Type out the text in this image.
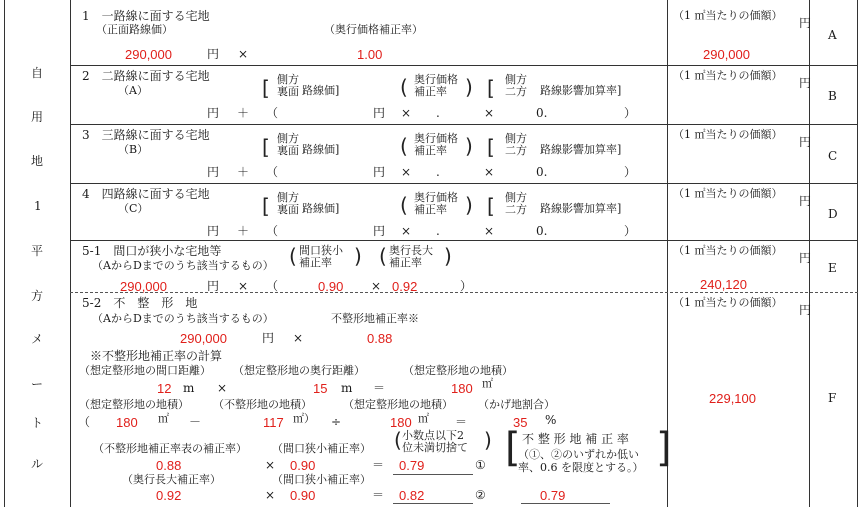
自
用
地
1
平
方
メ
ー
ト
ル
1　一路線に面する宅地
（正面路線価）	（奥行価格補正率）
290,000	円 ×	1.00
（1 ㎡当たりの価額）
円
290,000
A
2　二路線に面する宅地
（A）	[ 側方
裏面 路線価]	( 奥行価格
補正率 ) [ 側方
二方 路線影響加算率]
（1 ㎡当たりの価額）
円
円 ＋ （	円 × .	×	0.	）
B
3　三路線に面する宅地
（B）	[ 側方
裏面 路線価]	( 奥行価格
補正率 ) [ 側方
二方 路線影響加算率]
（1 ㎡当たりの価額）
円
円 ＋ （	円 × .	×	0.	）
C
4　四路線に面する宅地
（C）	[ 側方
裏面 路線価]	( 奥行価格
補正率 ) [ 側方
二方 路線影響加算率]
（1 ㎡当たりの価額）
円
円 ＋ （	円 × .	×	0.	）
D
5-1　間口が狭小な宅地等
（AからDまでのうち該当するもの） ( 間口狭小
補正率	) ( 奥行長大
補正率	)
290,000	円 × （	0.90 × 0.92	）
（1 ㎡当たりの価額）
円
240,120
E
5-2　不　整　形　地
（AからDまでのうち該当するもの）	不整形地補正率※
290,000	円 ×	0.88
※不整形地補正率の計算
（想定整形地の間口距離） （想定整形地の奥行距離）	（想定整形地の地積）
12 m ×	15 m ＝	180 ㎡
（想定整形地の地積） （不整形地の地積）	（想定整形地の地積） （かげ地割合）
（ 180 ㎡ －	117 ㎡） ÷	180 ㎡ ＝	35 %
（不整形地補正率表の補正率） （間口狭小補正率） ( 小数点以下2
位未満切捨て )
0.88	× 0.90	＝ 0.79	①
（奥行長大補正率）	（間口狭小補正率）
0.92	× 0.90	＝ 0.82	②
[ 不 整 形 地 補 正 率
（①、②のいずれか低い
率、0.6 を限度とする。） ]
0.79
（1 ㎡当たりの価額）
円
229,100	F
